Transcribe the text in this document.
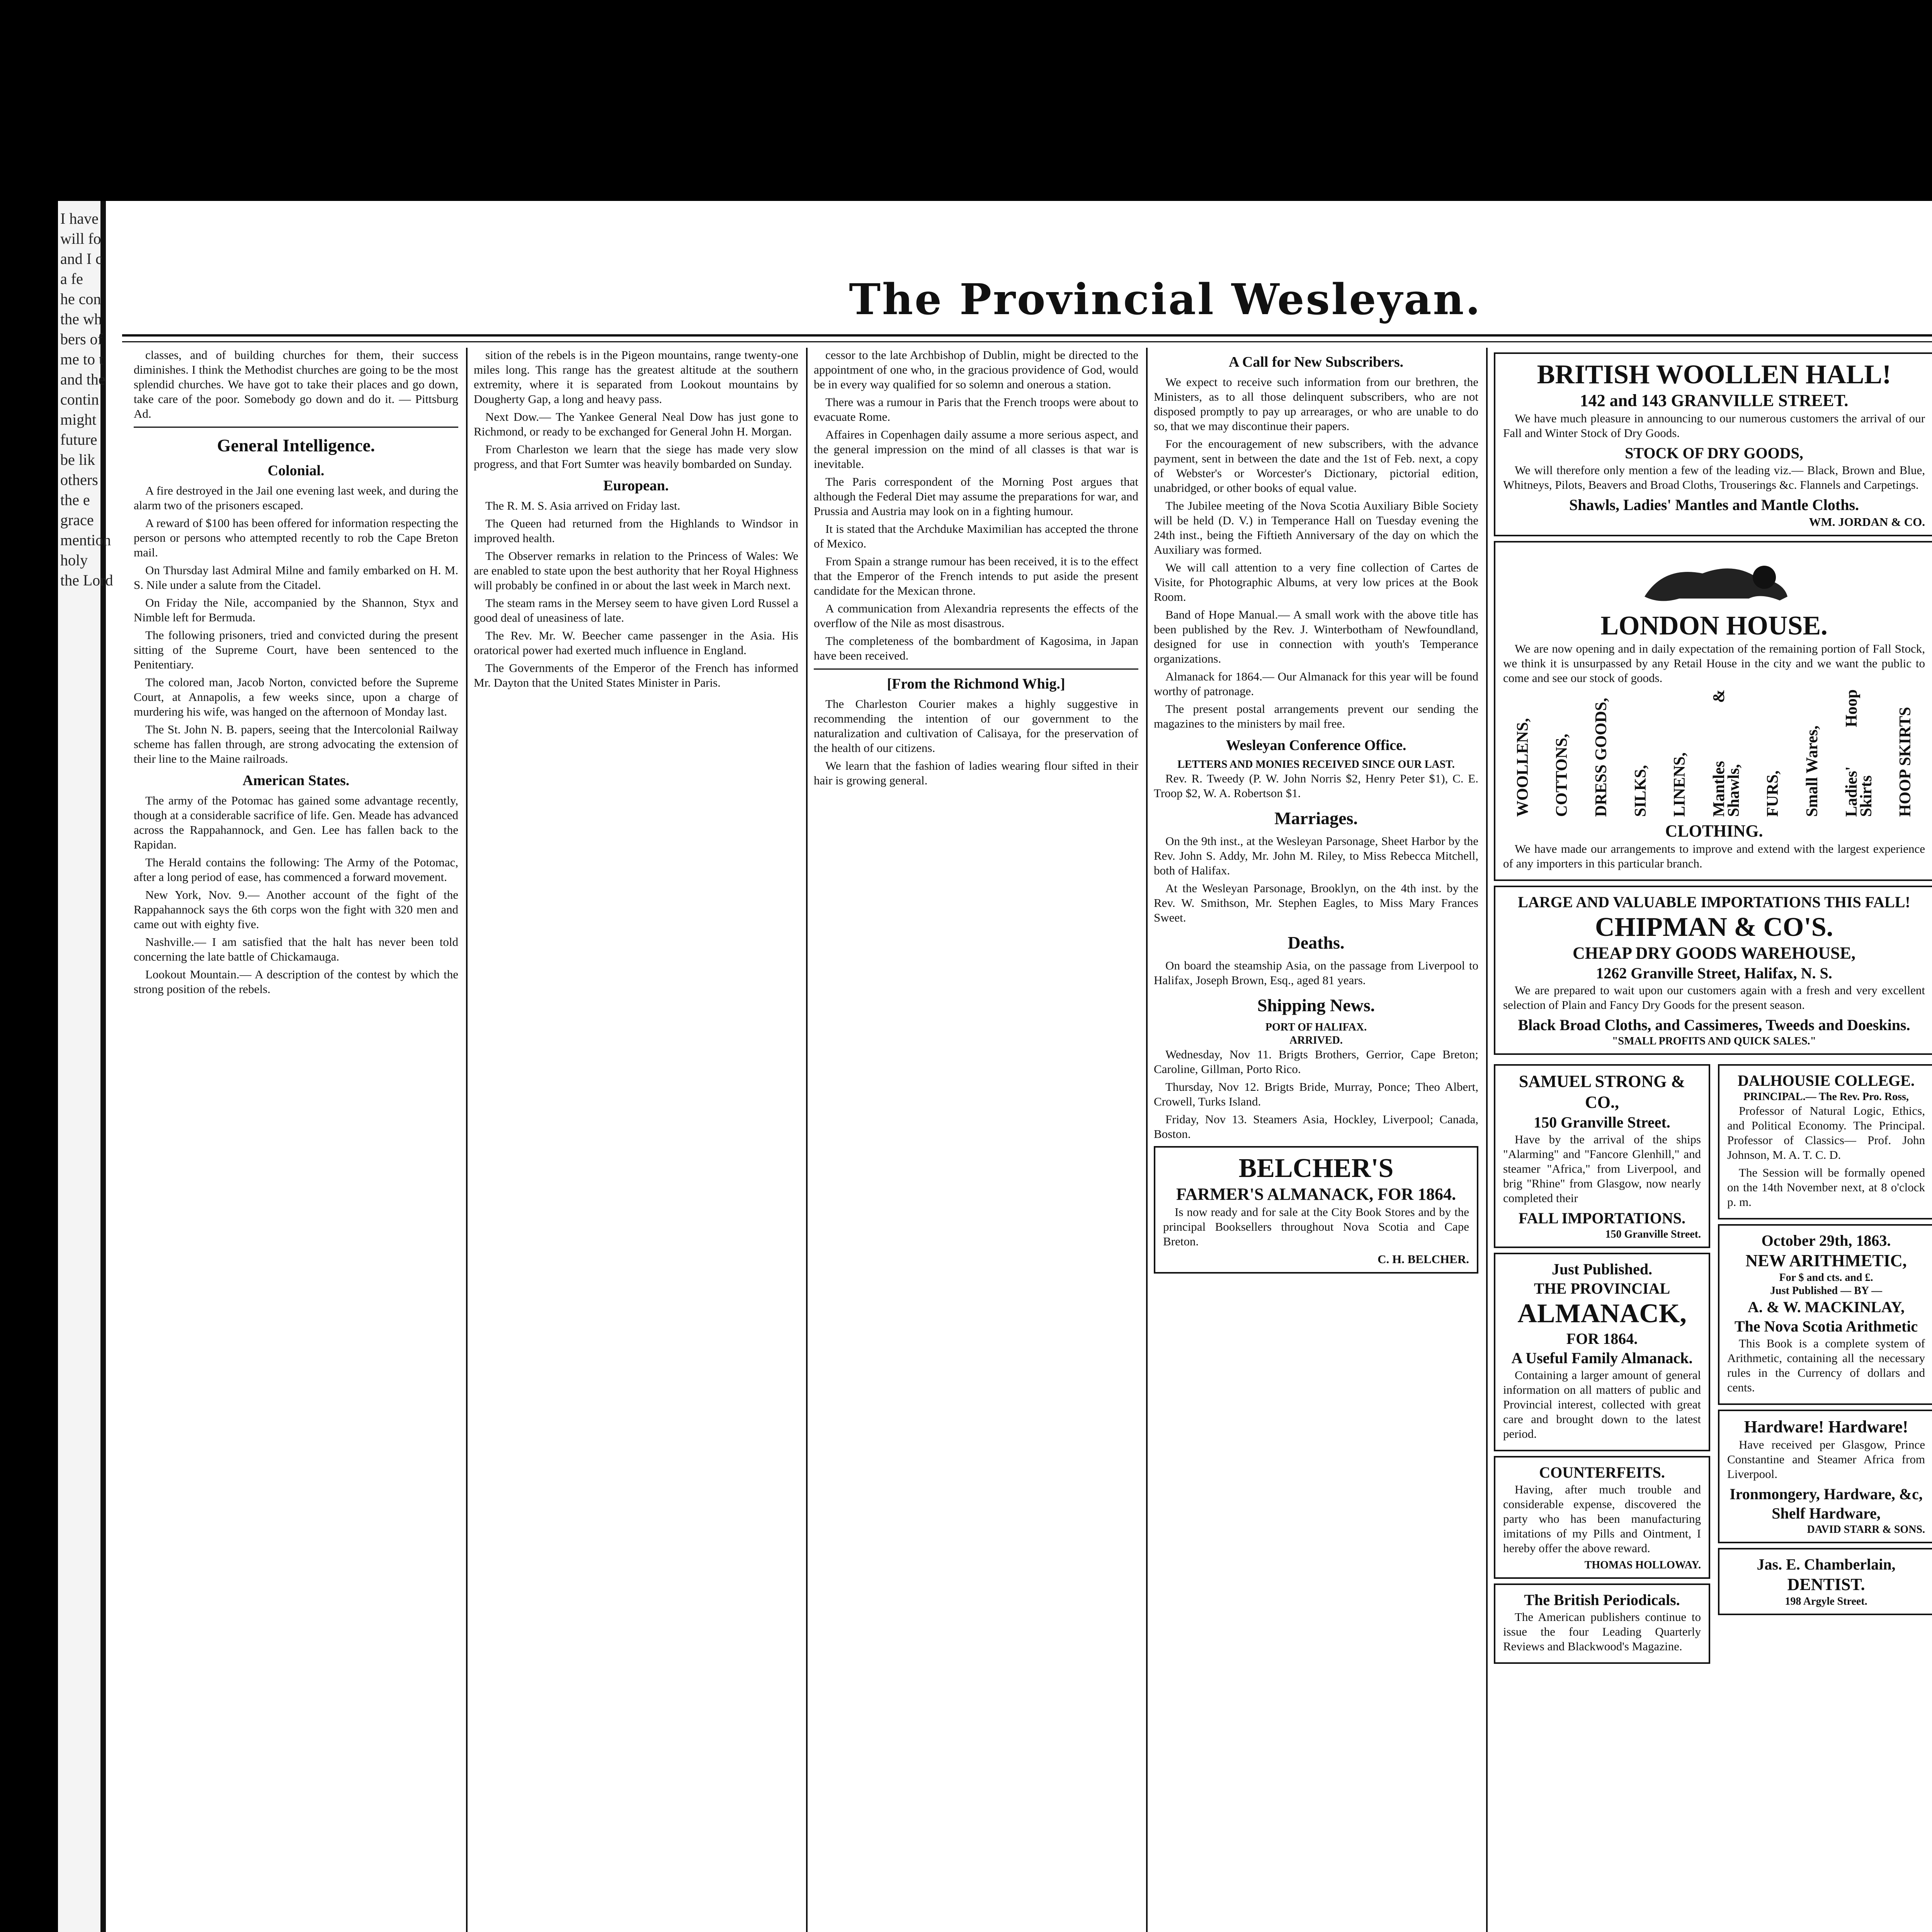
The Provincial Wesleyan.

classes, and of building churches for them, their success diminishes. I think the Methodist churches are going to be the most splendid churches. We have got to take their places and go down, take care of the poor. Somebody go down and do it. — Pittsburg Ad.

General Intelligence.
Colonial.

A fire destroyed in the Jail one evening last week, and during the alarm two of the prisoners escaped.

A reward of $100 has been offered for information respecting the person or persons who attempted recently to rob the Cape Breton mail.

On Thursday last Admiral Milne and family embarked on H. M. S. Nile under a salute from the Citadel.

On Friday the Nile, accompanied by the Shannon, Styx and Nimble left for Bermuda.

The following prisoners, tried and convicted during the present sitting of the Supreme Court, have been sentenced to the Penitentiary.

The colored man, Jacob Norton, convicted before the Supreme Court, at Annapolis, a few weeks since, upon a charge of murdering his wife, was hanged on the afternoon of Monday last.

The St. John N. B. papers, seeing that the Intercolonial Railway scheme has fallen through, are strong advocating the extension of their line to the Maine railroads.

American States.

The army of the Potomac has gained some advantage recently, though at a considerable sacrifice of life. Gen. Meade has advanced across the Rappahannock, and Gen. Lee has fallen back to the Rapidan.

The Herald contains the following: The Army of the Potomac, after a long period of ease, has commenced a forward movement.

New York, Nov. 9.— Another account of the fight of the Rappahannock says the 6th corps won the fight with 320 men and came out with eighty five.

Nashville.— I am satisfied that the halt has never been told concerning the late battle of Chickamauga.

Lookout Mountain.— A description of the contest by which the strong position of the rebels.

sition of the rebels is in the Pigeon mountains, range twenty-one miles long. This range has the greatest altitude at the southern extremity, where it is separated from Lookout mountains by Dougherty Gap, a long and heavy pass.

Next Dow.— The Yankee General Neal Dow has just gone to Richmond, or ready to be exchanged for General John H. Morgan.

From Charleston we learn that the siege has made very slow progress, and that Fort Sumter was heavily bombarded on Sunday.

European.

The R. M. S. Asia arrived on Friday last.

The Queen had returned from the Highlands to Windsor in improved health.

The Observer remarks in relation to the Princess of Wales: We are enabled to state upon the best authority that her Royal Highness will probably be confined in or about the last week in March next.

The steam rams in the Mersey seem to have given Lord Russel a good deal of uneasiness of late.

The Rev. Mr. W. Beecher came passenger in the Asia. His oratorical power had exerted much influence in England.

The Governments of the Emperor of the French has informed Mr. Dayton that the United States Minister in Paris.

cessor to the late Archbishop of Dublin, might be directed to the appointment of one who, in the gracious providence of God, would be in every way qualified for so solemn and onerous a station.

There was a rumour in Paris that the French troops were about to evacuate Rome.

Affaires in Copenhagen daily assume a more serious aspect, and the general impression on the mind of all classes is that war is inevitable.

The Paris correspondent of the Morning Post argues that although the Federal Diet may assume the preparations for war, and Prussia and Austria may look on in a fighting humour.

It is stated that the Archduke Maximilian has accepted the throne of Mexico.

From Spain a strange rumour has been received, it is to the effect that the Emperor of the French intends to put aside the present candidate for the Mexican throne.

A communication from Alexandria represents the effects of the overflow of the Nile as most disastrous.

The completeness of the bombardment of Kagosima, in Japan have been received.

[From the Richmond Whig.]

The Charleston Courier makes a highly suggestive in recommending the intention of our government to the naturalization and cultivation of Calisaya, for the preservation of the health of our citizens.

We learn that the fashion of ladies wearing flour sifted in their hair is growing general.

A Call for New Subscribers.

We expect to receive such information from our brethren, the Ministers, as to all those delinquent subscribers, who are not disposed promptly to pay up arrearages, or who are unable to do so, that we may discontinue their papers.

For the encouragement of new subscribers, with the advance payment, sent in between the date and the 1st of Feb. next, a copy of Webster's or Worcester's Dictionary, pictorial edition, unabridged, or other books of equal value.

The Jubilee meeting of the Nova Scotia Auxiliary Bible Society will be held (D. V.) in Temperance Hall on Tuesday evening the 24th inst., being the Fiftieth Anniversary of the day on which the Auxiliary was formed.

We will call attention to a very fine collection of Cartes de Visite, for Photographic Albums, at very low prices at the Book Room.

Band of Hope Manual.— A small work with the above title has been published by the Rev. J. Winterbotham of Newfoundland, designed for use in connection with youth's Temperance organizations.

Almanack for 1864.— Our Almanack for this year will be found worthy of patronage.

The present postal arrangements prevent our sending the magazines to the ministers by mail free.

Wesleyan Conference Office.
LETTERS AND MONIES RECEIVED SINCE OUR LAST.

Rev. R. Tweedy (P. W. John Norris $2, Henry Peter $1), C. E. Troop $2, W. A. Robertson $1.

Marriages.

On the 9th inst., at the Wesleyan Parsonage, Sheet Harbor by the Rev. John S. Addy, Mr. John M. Riley, to Miss Rebecca Mitchell, both of Halifax.

At the Wesleyan Parsonage, Brooklyn, on the 4th inst. by the Rev. W. Smithson, Mr. Stephen Eagles, to Miss Mary Frances Sweet.

Deaths.

On board the steamship Asia, on the passage from Liverpool to Halifax, Joseph Brown, Esq., aged 81 years.

Shipping News.
PORT OF HALIFAX.
ARRIVED.

Wednesday, Nov 11. Brigts Brothers, Gerrior, Cape Breton; Caroline, Gillman, Porto Rico.

Thursday, Nov 12. Brigts Bride, Murray, Ponce; Theo Albert, Crowell, Turks Island.

Friday, Nov 13. Steamers Asia, Hockley, Liverpool; Canada, Boston.

BELCHER'S
FARMER'S ALMANACK, FOR 1864.

Is now ready and for sale at the City Book Stores and by the principal Booksellers throughout Nova Scotia and Cape Breton.

C. H. BELCHER.
BRITISH WOOLLEN HALL!
142 and 143 GRANVILLE STREET.

We have much pleasure in announcing to our numerous customers the arrival of our Fall and Winter Stock of Dry Goods.

STOCK OF DRY GOODS,

We will therefore only mention a few of the leading viz.— Black, Brown and Blue, Whitneys, Pilots, Beavers and Broad Cloths, Trouserings &c. Flannels and Carpetings.

Shawls, Ladies' Mantles and Mantle Cloths.
WM. JORDAN & CO.
LONDON HOUSE.

We are now opening and in daily expectation of the remaining portion of Fall Stock, we think it is unsurpassed by any Retail House in the city and we want the public to come and see our stock of goods.

WOOLLENS, COTTONS, DRESS GOODS, SILKS, LINENS, Mantles & Shawls, FURS, Small Wares, Ladies' Hoop Skirts HOOP SKIRTS
CLOTHING.

We have made our arrangements to improve and extend with the largest experience of any importers in this particular branch.

LARGE AND VALUABLE IMPORTATIONS THIS FALL!
CHIPMAN & CO'S.
CHEAP DRY GOODS WAREHOUSE,
1262 Granville Street, Halifax, N. S.

We are prepared to wait upon our customers again with a fresh and very excellent selection of Plain and Fancy Dry Goods for the present season.

Black Broad Cloths, and Cassimeres, Tweeds and Doeskins.
"SMALL PROFITS AND QUICK SALES."
SAMUEL STRONG & CO.,
150 Granville Street.

Have by the arrival of the ships "Alarming" and "Fancore Glenhill," and steamer "Africa," from Liverpool, and brig "Rhine" from Glasgow, now nearly completed their

FALL IMPORTATIONS.
150 Granville Street.
Just Published.
THE PROVINCIAL
ALMANACK,
FOR 1864.
A Useful Family Almanack.

Containing a larger amount of general information on all matters of public and Provincial interest, collected with great care and brought down to the latest period.

COUNTERFEITS.

Having, after much trouble and considerable expense, discovered the party who has been manufacturing imitations of my Pills and Ointment, I hereby offer the above reward.

THOMAS HOLLOWAY.
The British Periodicals.

The American publishers continue to issue the four Leading Quarterly Reviews and Blackwood's Magazine.

DALHOUSIE COLLEGE.
PRINCIPAL.— The Rev. Pro. Ross,

Professor of Natural Logic, Ethics, and Political Economy. The Principal. Professor of Classics— Prof. John Johnson, M. A. T. C. D.

The Session will be formally opened on the 14th November next, at 8 o'clock p. m.

October 29th, 1863.
NEW ARITHMETIC,
For $ and cts. and £.
Just Published — BY —
A. & W. MACKINLAY,
The Nova Scotia Arithmetic

This Book is a complete system of Arithmetic, containing all the necessary rules in the Currency of dollars and cents.

Hardware! Hardware!

Have received per Glasgow, Prince Constantine and Steamer Africa from Liverpool.

Ironmongery, Hardware, &c,
Shelf Hardware,
DAVID STARR & SONS.
Jas. E. Chamberlain,
DENTIST.
198 Argyle Street.

I have
will fo
and I c
a fe
he con
the wh
bers of
me to t
and the
contin
might
future
be lik
others
the e
grace
mention
holy
the Lord
